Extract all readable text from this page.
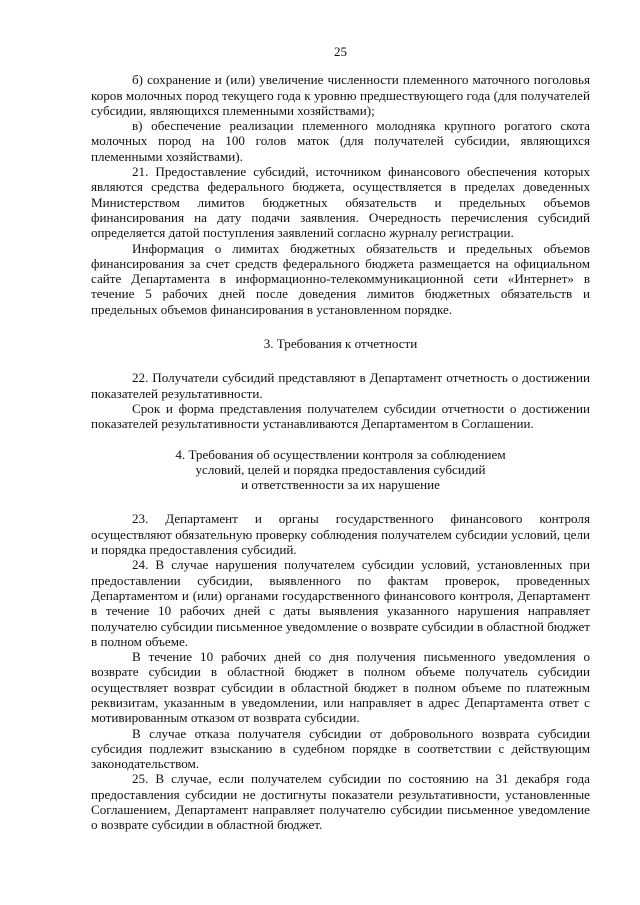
25

б) сохранение и (или) увеличение численности племенного маточного поголовья коров молочных пород текущего года к уровню предшествующего года (для получателей субсидии, являющихся племенными хозяйствами);

в) обеспечение реализации племенного молодняка крупного рогатого скота молочных пород на 100 голов маток (для получателей субсидии, являющихся племенными хозяйствами).

21. Предоставление субсидий, источником финансового обеспечения которых являются средства федерального бюджета, осуществляется в пределах доведенных Министерством лимитов бюджетных обязательств и предельных объемов финансирования на дату подачи заявления. Очередность перечисления субсидий определяется датой поступления заявлений согласно журналу регистрации.

Информация о лимитах бюджетных обязательств и предельных объемов финансирования за счет средств федерального бюджета размещается на официальном сайте Департамента в информационно-телекоммуникационной сети «Интернет» в течение 5 рабочих дней после доведения лимитов бюджетных обязательств и предельных объемов финансирования в установленном порядке.

3. Требования к отчетности

22. Получатели субсидий представляют в Департамент отчетность о достижении показателей результативности.

Срок и форма представления получателем субсидии отчетности о достижении показателей результативности устанавливаются Департаментом в Соглашении.

4. Требования об осуществлении контроля за соблюдением
условий, целей и порядка предоставления субсидий
и ответственности за их нарушение

23. Департамент и органы государственного финансового контроля осуществляют обязательную проверку соблюдения получателем субсидии условий, цели и порядка предоставления субсидий.

24. В случае нарушения получателем субсидии условий, установленных при предоставлении субсидии, выявленного по фактам проверок, проведенных Департаментом и (или) органами государственного финансового контроля, Департамент в течение 10 рабочих дней с даты выявления указанного нарушения направляет получателю субсидии письменное уведомление о возврате субсидии в областной бюджет в полном объеме.

В течение 10 рабочих дней со дня получения письменного уведомления о возврате субсидии в областной бюджет в полном объеме получатель субсидии осуществляет возврат субсидии в областной бюджет в полном объеме по платежным реквизитам, указанным в уведомлении, или направляет в адрес Департамента ответ с мотивированным отказом от возврата субсидии.

В случае отказа получателя субсидии от добровольного возврата субсидии субсидия подлежит взысканию в судебном порядке в соответствии с действующим законодательством.

25. В случае, если получателем субсидии по состоянию на 31 декабря года предоставления субсидии не достигнуты показатели результативности, установленные Соглашением, Департамент направляет получателю субсидии письменное уведомление о возврате субсидии в областной бюджет.
